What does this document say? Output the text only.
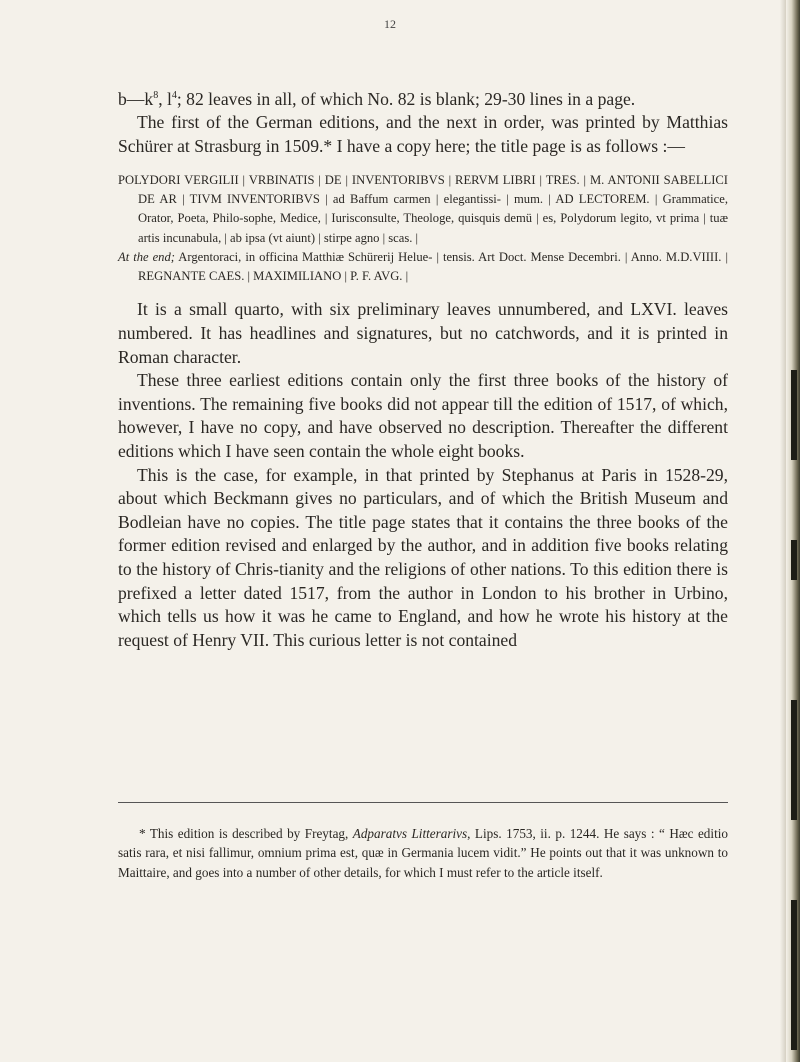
12

$b—k^8$, $l^4$; 82 leaves in all, of which No. 82 is blank; 29-30 lines in a page.

The first of the German editions, and the next in order, was printed by Matthias Schürer at Strasburg in 1509.* I have a copy here; the title page is as follows :—

POLYDORI VERGILII | VRBINATIS | DE | INVENTORIBVS | RERVM LIBRI | TRES. | M. ANTONII SABELLICI DE AR | TIVM INVENTORIBVS | ad Baffum carmen | elegantissi- | mum. | AD LECTOREM. | Grammatice, Orator, Poeta, Philo-sophe, Medice, | Iurisconsulte, Theologe, quisquis demü | es, Polydorum legito, vt prima | tuæ artis incunabula, | ab ipsa (vt aiunt) | stirpe agno | scas. |

At the end; Argentoraci, in officina Matthiæ Schürerij Helue- | tensis. Art Doct. Mense Decembri. | Anno. M.D.VIIII. | REGNANTE CAES. | MAXIMILIANO | P. F. AVG. |

It is a small quarto, with six preliminary leaves unnumbered, and LXVI. leaves numbered. It has headlines and signatures, but no catchwords, and it is printed in Roman character.

These three earliest editions contain only the first three books of the history of inventions. The remaining five books did not appear till the edition of 1517, of which, however, I have no copy, and have observed no description. Thereafter the different editions which I have seen contain the whole eight books.

This is the case, for example, in that printed by Stephanus at Paris in 1528-29, about which Beckmann gives no particulars, and of which the British Museum and Bodleian have no copies. The title page states that it contains the three books of the former edition revised and enlarged by the author, and in addition five books relating to the history of Chris-tianity and the religions of other nations. To this edition there is prefixed a letter dated 1517, from the author in London to his brother in Urbino, which tells us how it was he came to England, and how he wrote his history at the request of Henry VII. This curious letter is not contained

* This edition is described by Freytag, Adparatvs Litterarivs, Lips. 1753, ii. p. 1244. He says : “ Hæc editio satis rara, et nisi fallimur, omnium prima est, quæ in Germania lucem vidit.” He points out that it was unknown to Maittaire, and goes into a number of other details, for which I must refer to the article itself.
